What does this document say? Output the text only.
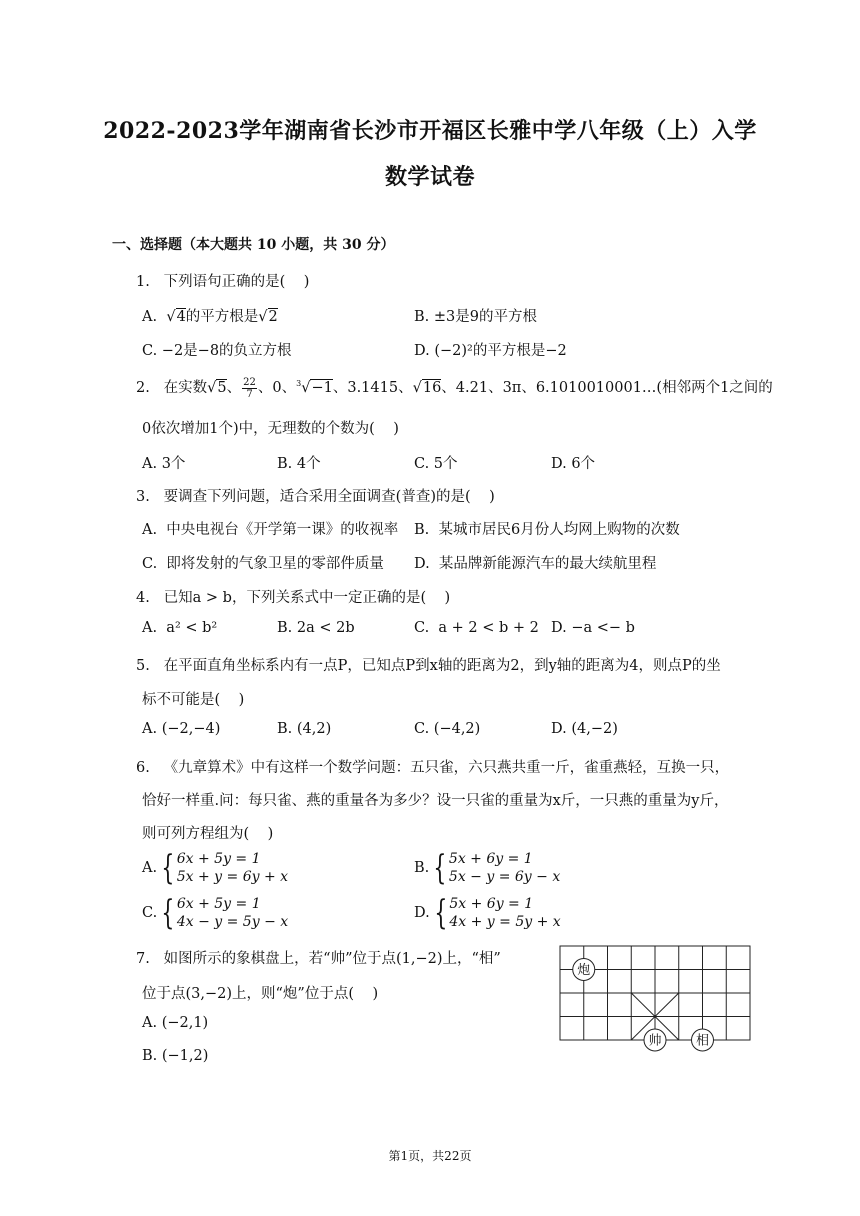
2022-2023学年湖南省长沙市开福区长雅中学八年级（上）入学
数学试卷
一、选择题（本大题共 10 小题，共 30 分）
1.   下列语句正确的是(    )
A.  √4的平方根是√2	B. ±3是9的平方根
C. −2是−8的负立方根	D. (−2)²的平方根是−2
2.   在实数√5、 $\frac{22}{7}$ 、0、$^3$√−1、3.1415、√16、4.21、3π、6.1010010001…(相邻两个1之间的
0依次增加1个)中，无理数的个数为(    )
A. 3个	B. 4个	C. 5个	D. 6个
3.   要调查下列问题，适合采用全面调查(普查)的是(    )
A.  中央电视台《开学第一课》的收视率 B.  某城市居民6月份人均网上购物的次数
C.  即将发射的气象卫星的零部件质量 D.  某品牌新能源汽车的最大续航里程
4.   已知a > b，下列关系式中一定正确的是(    )
A.  a² < b²	B. 2a < 2b	C.  a + 2 < b + 2 D. −a <− b
5.   在平面直角坐标系内有一点P，已知点P到x轴的距离为2，到y轴的距离为4，则点P的坐
标不可能是(    )
A. (−2,−4)	B. (4,2)	C. (−4,2)	D. (4,−2)
6.   《九章算术》中有这样一个数学问题：五只雀，六只燕共重一斤，雀重燕轻，互换一只，
恰好一样重.问：每只雀、燕的重量各为多少？设一只雀的重量为x斤，一只燕的重量为y斤，
则可列方程组为(    )
A. { 6x + 5y = 1
5x + y = 6y + x
B. { 5x + 6y = 1
5x − y = 6y − x
C. { 6x + 5y = 1
4x − y = 5y − x
D. { 5x + 6y = 1
4x + y = 5y + x
7.   如图所示的象棋盘上，若“帅”位于点(1,−2)上，“相”
位于点(3,−2)上，则“炮”位于点(    )
A. (−2,1)
B. (−1,2)
炮
帅	相
第1页，共22页
